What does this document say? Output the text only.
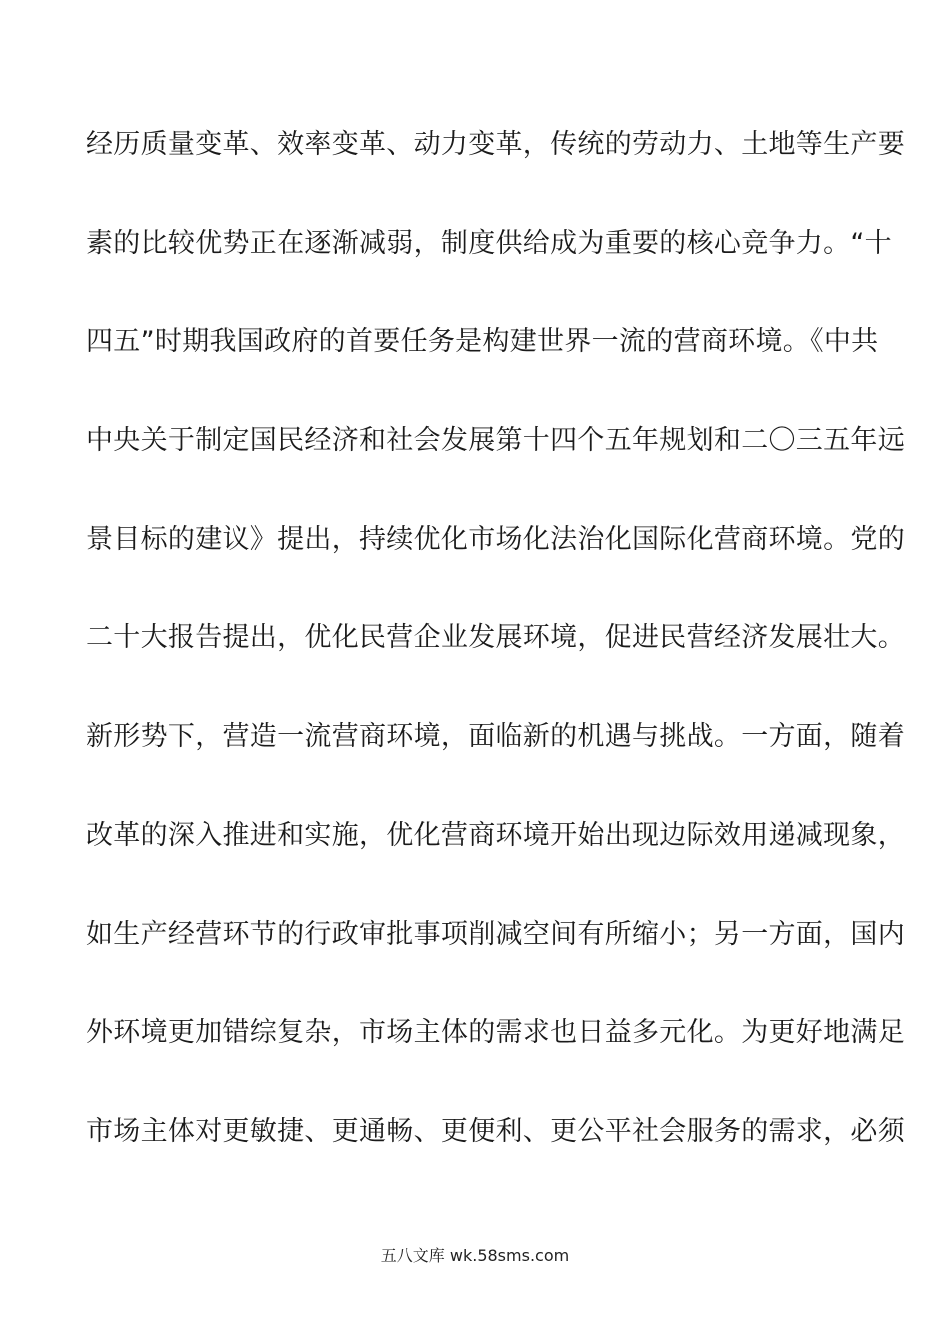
经历质量变革、效率变革、动力变革，传统的劳动力、土地等生产要
素的比较优势正在逐渐减弱，制度供给成为重要的核心竞争力。“十
四五”时期我国政府的首要任务是构建世界一流的营商环境。《中共
中央关于制定国民经济和社会发展第十四个五年规划和二〇三五年远
景目标的建议》提出，持续优化市场化法治化国际化营商环境。党的
二十大报告提出，优化民营企业发展环境，促进民营经济发展壮大。
新形势下，营造一流营商环境，面临新的机遇与挑战。一方面，随着
改革的深入推进和实施，优化营商环境开始出现边际效用递减现象，
如生产经营环节的行政审批事项削减空间有所缩小；另一方面，国内
外环境更加错综复杂，市场主体的需求也日益多元化。为更好地满足
市场主体对更敏捷、更通畅、更便利、更公平社会服务的需求，必须
五八文库 wk.58sms.com
